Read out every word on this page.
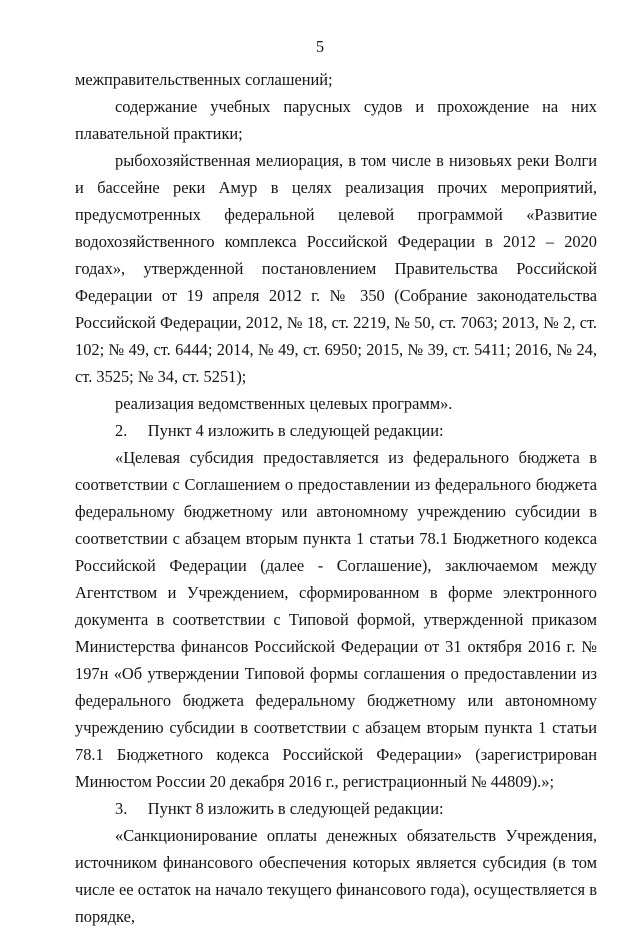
5

межправительственных соглашений;

содержание учебных парусных судов и прохождение на них плавательной практики;

рыбохозяйственная мелиорация, в том числе в низовьях реки Волги и бассейне реки Амур в целях реализация прочих мероприятий, предусмотренных федеральной целевой программой «Развитие водохозяйственного комплекса Российской Федерации в 2012 – 2020 годах», утвержденной постановлением Правительства Российской Федерации от 19 апреля 2012 г. № 350 (Собрание законодательства Российской Федерации, 2012, № 18, ст. 2219, № 50, ст. 7063; 2013, № 2, ст. 102; № 49, ст. 6444; 2014, № 49, ст. 6950; 2015, № 39, ст. 5411; 2016, № 24, ст. 3525; № 34, ст. 5251);

реализация ведомственных целевых программ».

2.     Пункт 4 изложить в следующей редакции:

«Целевая субсидия предоставляется из федерального бюджета в соответствии с Соглашением о предоставлении из федерального бюджета федеральному бюджетному или автономному учреждению субсидии в соответствии с абзацем вторым пункта 1 статьи 78.1 Бюджетного кодекса Российской Федерации (далее - Соглашение), заключаемом между Агентством и Учреждением, сформированном в форме электронного документа в соответствии с Типовой формой, утвержденной приказом Министерства финансов Российской Федерации от 31 октября 2016 г. № 197н «Об утверждении Типовой формы соглашения о предоставлении из федерального бюджета федеральному бюджетному или автономному учреждению субсидии в соответствии с абзацем вторым пункта 1 статьи 78.1 Бюджетного кодекса Российской Федерации» (зарегистрирован Минюстом России 20 декабря 2016 г., регистрационный № 44809).»;

3.     Пункт 8 изложить в следующей редакции:

«Санкционирование оплаты денежных обязательств Учреждения, источником финансового обеспечения которых является субсидия (в том числе ее остаток на начало текущего финансового года), осуществляется в порядке,
